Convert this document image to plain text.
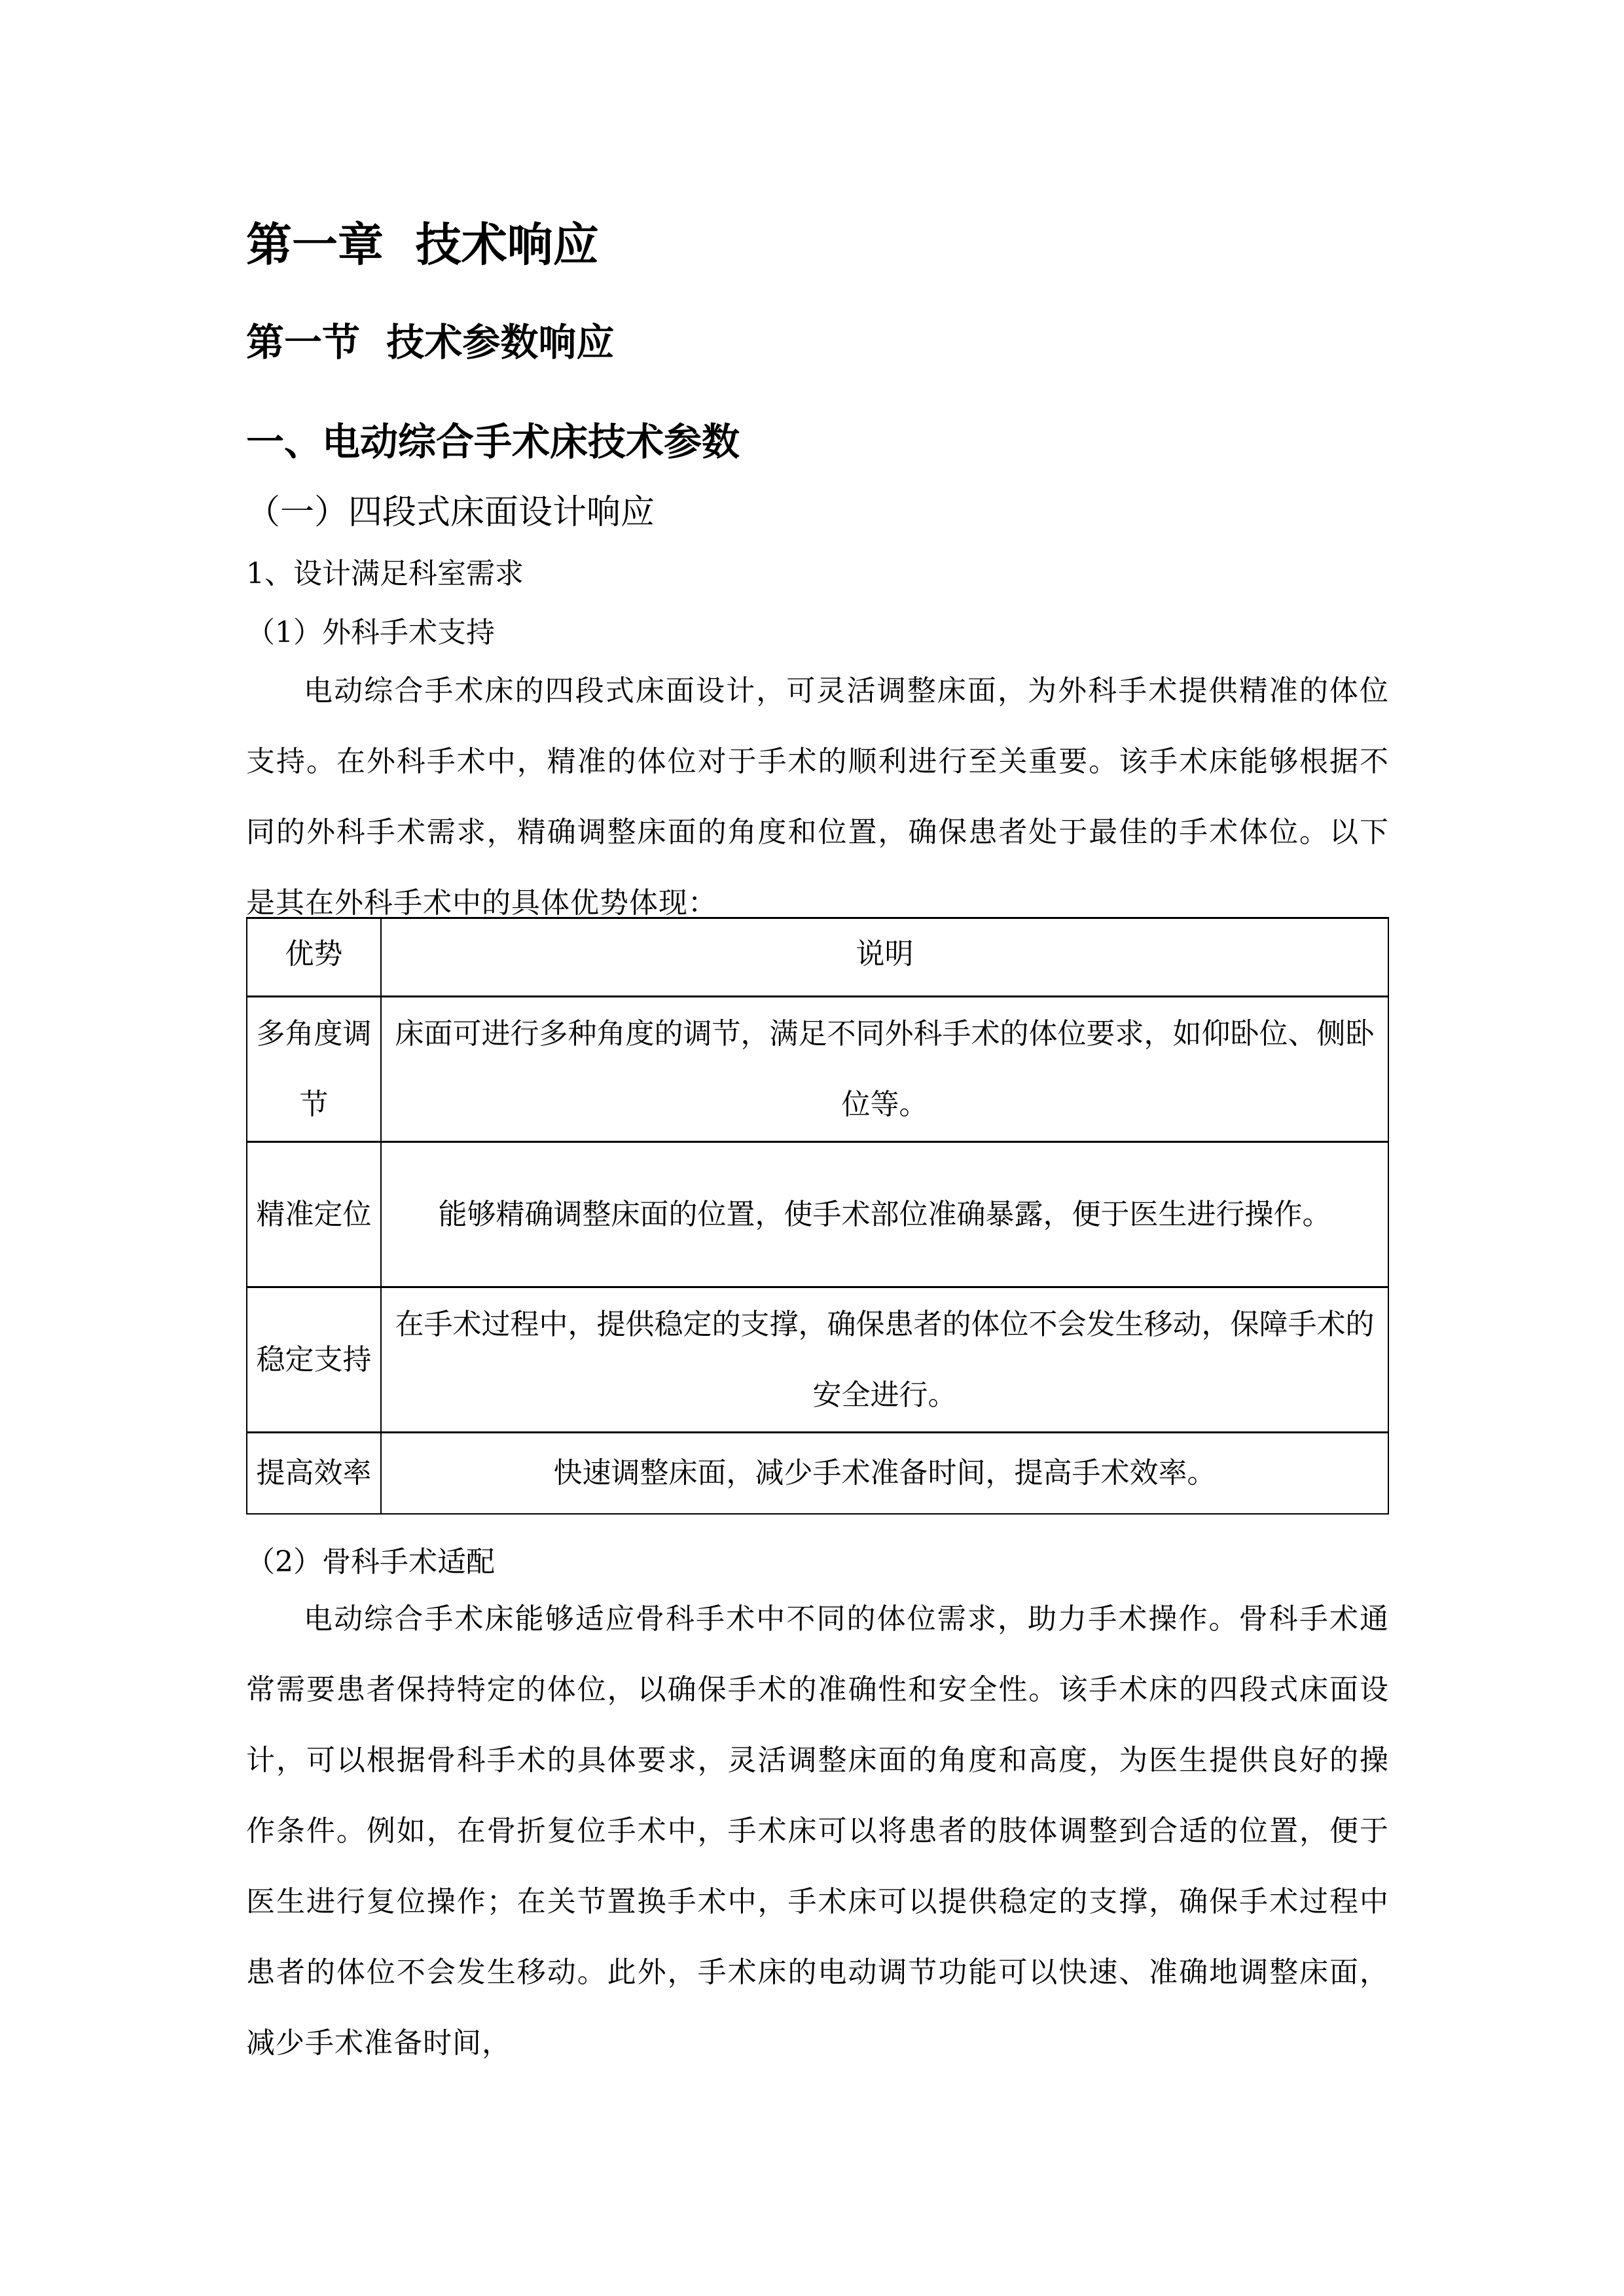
第一章  技术响应
第一节  技术参数响应
一、电动综合手术床技术参数
（一）四段式床面设计响应
1、设计满足科室需求
（1）外科手术支持
电动综合手术床的四段式床面设计，可灵活调整床面，为外科手术提供精准的体位支持。在外科手术中，精准的体位对于手术的顺利进行至关重要。该手术床能够根据不同的外科手术需求，精确调整床面的角度和位置，确保患者处于最佳的手术体位。以下是其在外科手术中的具体优势体现：
优势	说明
多角度调节	床面可进行多种角度的调节，满足不同外科手术的体位要求，如仰卧位、侧卧位等。
精准定位	能够精确调整床面的位置，使手术部位准确暴露，便于医生进行操作。
稳定支持	在手术过程中，提供稳定的支撑，确保患者的体位不会发生移动，保障手术的安全进行。
提高效率	快速调整床面，减少手术准备时间，提高手术效率。
（2）骨科手术适配
电动综合手术床能够适应骨科手术中不同的体位需求，助力手术操作。骨科手术通常需要患者保持特定的体位，以确保手术的准确性和安全性。该手术床的四段式床面设计，可以根据骨科手术的具体要求，灵活调整床面的角度和高度，为医生提供良好的操作条件。例如，在骨折复位手术中，手术床可以将患者的肢体调整到合适的位置，便于医生进行复位操作；在关节置换手术中，手术床可以提供稳定的支撑，确保手术过程中患者的体位不会发生移动。此外，手术床的电动调节功能可以快速、准确地调整床面，减少手术准备时间，
